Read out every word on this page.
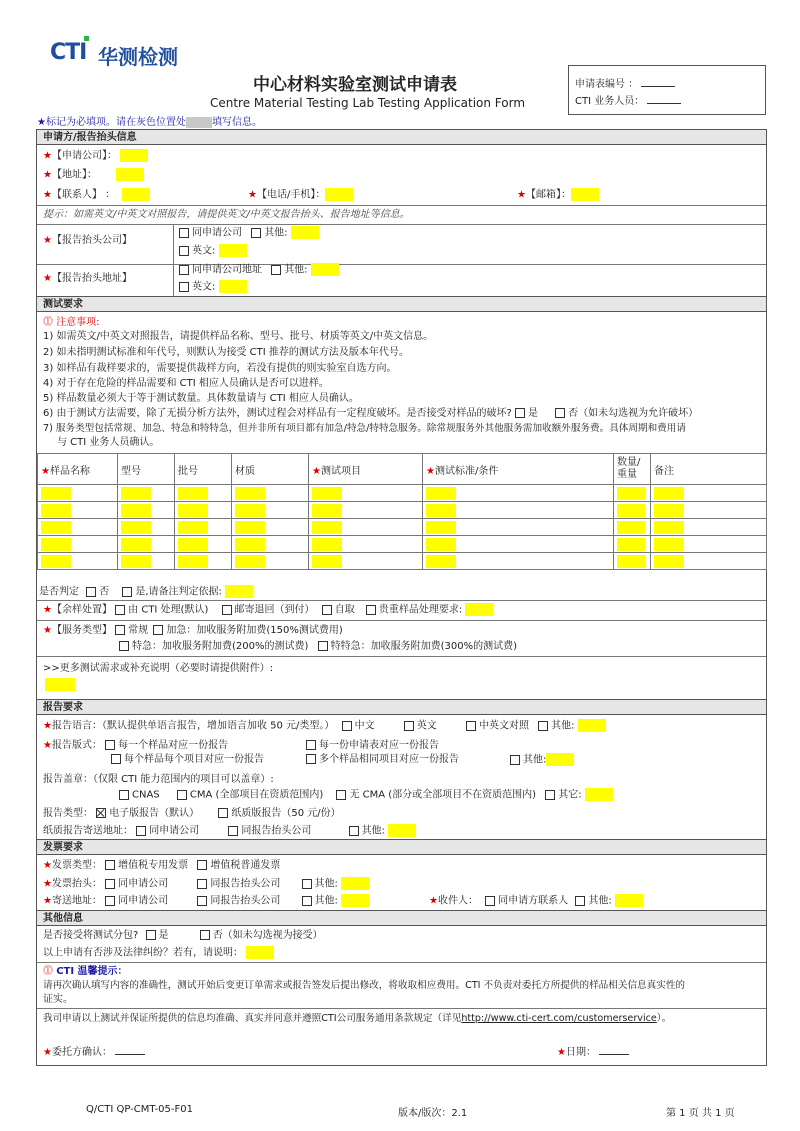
CTI 华测检测
中心材料实验室测试申请表
Centre Material Testing Lab Testing Application Form
申请表编号 ：
CTI 业务人员：
★标记为必填项。请在灰色位置处	填写信息。
申请方/报告抬头信息
★【申请公司】：
★【地址】：
★【联系人】 ：	★【电话/手机】：	★【邮箱】：
提示：如需英文/中英文对照报告，请提供英文/中英文报告抬头、报告地址等信息。
★【报告抬头公司】
同申请公司 其他:
英文:
★【报告抬头地址】
同申请公司地址 其他:
英文:
测试要求
⓵ 注意事项:
1) 如需英文/中英文对照报告，请提供样品名称、型号、批号、材质等英文/中英文信息。
2) 如未指明测试标准和年代号，则默认为接受 CTI 推荐的测试方法及版本年代号。
3) 如样品有裁样要求的，需要提供裁样方向，若没有提供的则实验室自选方向。
4) 对于存在危险的样品需要和 CTI 相应人员确认是否可以进样。
5) 样品数量必须大于等于测试数量。具体数量请与 CTI 相应人员确认。
6) 由于测试方法需要，除了无损分析方法外，测试过程会对样品有一定程度破坏。是否接受对样品的破坏? 是	否（如未勾选视为允许破坏）
7) 服务类型包括常规、加急、特急和特特急，但并非所有项目都有加急/特急/特特急服务。除常规服务外其他服务需加收额外服务费。具体周期和费用请
与 CTI 业务人员确认。
★样品名称	型号	批号	材质	★测试项目	★测试标准/条件	数量/重量	备注

是否判定 否	是,请备注判定依据:
★【余样处置】 由 CTI 处理(默认)	邮寄退回（到付） 自取 贵重样品处理要求:
★【服务类型】 常规 加急：加收服务附加费(150%测试费用)
特急：加收服务附加费(200%的测试费) 特特急：加收服务附加费(300%的测试费)
>>更多测试需求或补充说明（必要时请提供附件）:
报告要求
★报告语言：（默认提供单语言报告，增加语言加收 50 元/类型。） 中文	英文	中英文对照 其他:
★报告版式： 每一个样品对应一份报告	每一份申请表对应一份报告
每个样品每个项目对应一份报告	多个样品相同项目对应一份报告	其他:
报告盖章：（仅限 CTI 能力范围内的项目可以盖章）:
CNAS	CMA (全部项目在资质范围内)	无 CMA (部分或全部项目不在资质范围内) 其它:
报告类型： 电子版报告（默认）	纸质版报告（50 元/份）
纸质报告寄送地址： 同申请公司	同报告抬头公司	其他:
发票要求
★发票类型： 增值税专用发票 增值税普通发票
★发票抬头： 同申请公司	同报告抬头公司	其他:
★寄送地址： 同申请公司	同报告抬头公司	其他:	★收件人： 同申请方联系人 其他:
其他信息
是否接受将测试分包? 是	否（如未勾选视为接受）
以上申请有否涉及法律纠纷？若有，请说明：
⓵ CTI 温馨提示：
请再次确认填写内容的准确性，测试开始后变更订单需求或报告签发后提出修改，将收取相应费用。CTI 不负责对委托方所提供的样品相关信息真实性的
证实。
我司申请以上测试并保证所提供的信息均准确、真实并同意并遵照CTI公司服务通用条款规定（详见http://www.cti-cert.com/customerservice）。
★委托方确认：	★日期：
Q/CTI QP-CMT-05-F01	版本/版次：2.1	第 1 页 共 1 页
